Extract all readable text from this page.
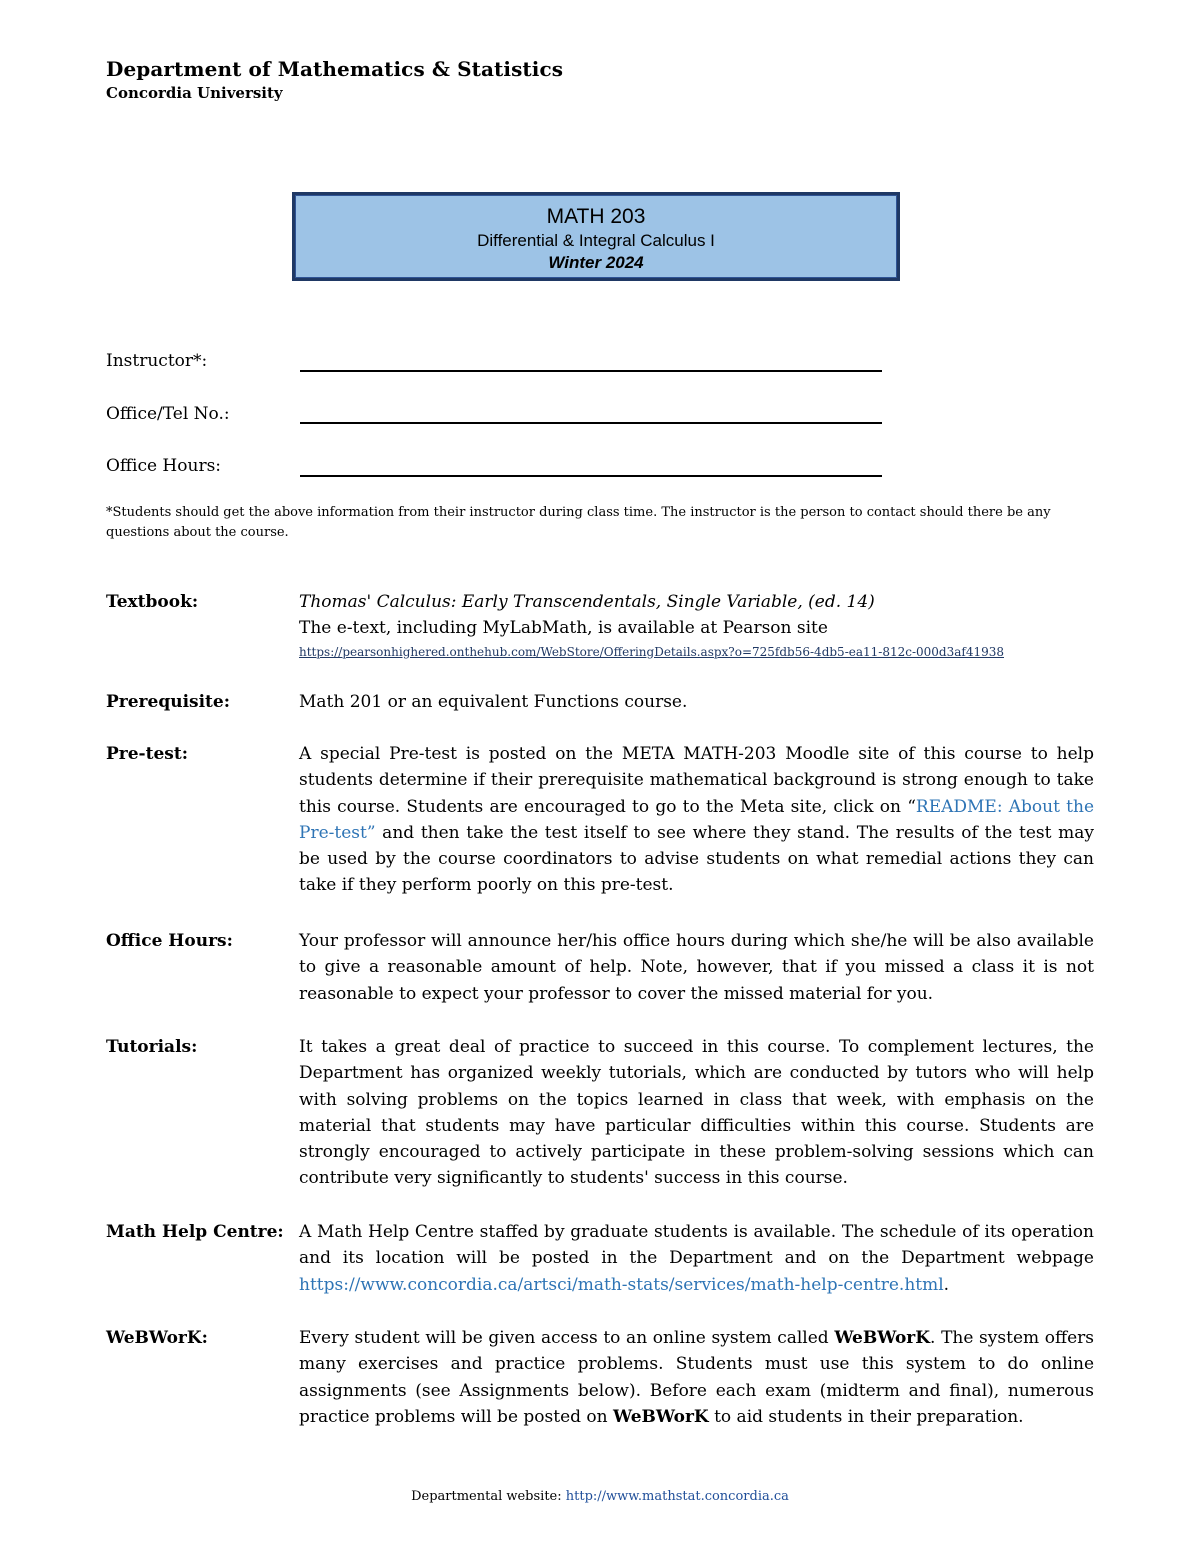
Department of Mathematics & Statistics
Concordia University
MATH 203
Differential & Integral Calculus I
Winter 2024
Instructor*:
Office/Tel No.:
Office Hours:
*Students should get the above information from their instructor during class time. The instructor is the person to contact should there be any questions about the course.
Textbook:	Thomas' Calculus: Early Transcendentals, Single Variable, (ed. 14)
The e-text, including MyLabMath, is available at Pearson site
https://pearsonhighered.onthehub.com/WebStore/OfferingDetails.aspx?o=725fdb56-4db5-ea11-812c-000d3af41938
Prerequisite:	Math 201 or an equivalent Functions course.
Pre-test:	A special Pre-test is posted on the META MATH-203 Moodle site of this course to help students determine if their prerequisite mathematical background is strong enough to take this course. Students are encouraged to go to the Meta site, click on “README: About the Pre-test” and then take the test itself to see where they stand. The results of the test may be used by the course coordinators to advise students on what remedial actions they can take if they perform poorly on this pre-test.
Office Hours:	Your professor will announce her/his office hours during which she/he will be also available to give a reasonable amount of help. Note, however, that if you missed a class it is not reasonable to expect your professor to cover the missed material for you.
Tutorials:	It takes a great deal of practice to succeed in this course. To complement lectures, the Department has organized weekly tutorials, which are conducted by tutors who will help with solving problems on the topics learned in class that week, with emphasis on the material that students may have particular difficulties within this course. Students are strongly encouraged to actively participate in these problem-solving sessions which can contribute very significantly to students' success in this course.
Math Help Centre: A Math Help Centre staffed by graduate students is available. The schedule of its operation and its location will be posted in the Department and on the Department webpage https://www.concordia.ca/artsci/math-stats/services/math-help-centre.html.
WeBWorK:	Every student will be given access to an online system called WeBWorK. The system offers many exercises and practice problems. Students must use this system to do online assignments (see Assignments below). Before each exam (midterm and final), numerous practice problems will be posted on WeBWorK to aid students in their preparation.
Departmental website: http://www.mathstat.concordia.ca
